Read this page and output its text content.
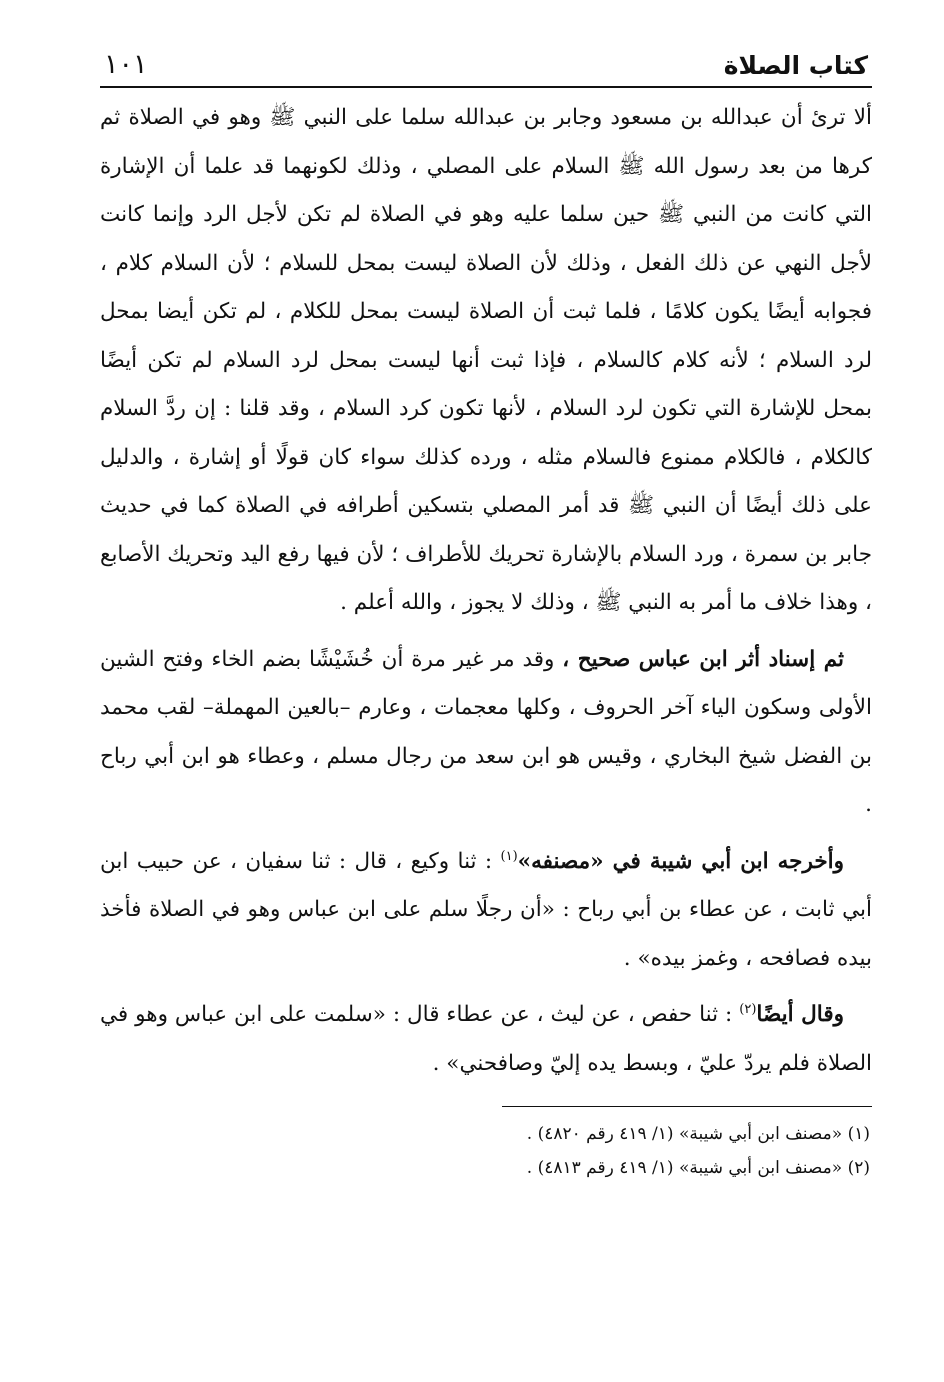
كتاب الصلاة
١٠١

ألا ترئ أن عبدالله بن مسعود وجابر بن عبدالله سلما على النبي ﷺ وهو في الصلاة ثم كرها من بعد رسول الله ﷺ السلام على المصلي ، وذلك لكونهما قد علما أن الإشارة التي كانت من النبي ﷺ حين سلما عليه وهو في الصلاة لم تكن لأجل الرد وإنما كانت لأجل النهي عن ذلك الفعل ، وذلك لأن الصلاة ليست بمحل للسلام ؛ لأن السلام كلام ، فجوابه أيضًا يكون كلامًا ، فلما ثبت أن الصلاة ليست بمحل للكلام ، لم تكن أيضا بمحل لرد السلام ؛ لأنه كلام كالسلام ، فإذا ثبت أنها ليست بمحل لرد السلام لم تكن أيضًا بمحل للإشارة التي تكون لرد السلام ، لأنها تكون كرد السلام ، وقد قلنا : إن ردَّ السلام كالكلام ، فالكلام ممنوع فالسلام مثله ، ورده كذلك سواء كان قولًا أو إشارة ، والدليل على ذلك أيضًا أن النبي ﷺ قد أمر المصلي بتسكين أطرافه في الصلاة كما في حديث جابر بن سمرة ، ورد السلام بالإشارة تحريك للأطراف ؛ لأن فيها رفع اليد وتحريك الأصابع ، وهذا خلاف ما أمر به النبي ﷺ ، وذلك لا يجوز ، والله أعلم .

ثم إسناد أثر ابن عباس صحيح ، وقد مر غير مرة أن خُشَيْشًا بضم الخاء وفتح الشين الأولى وسكون الياء آخر الحروف ، وكلها معجمات ، وعارم –بالعين المهملة– لقب محمد بن الفضل شيخ البخاري ، وقيس هو ابن سعد من رجال مسلم ، وعطاء هو ابن أبي رباح .

وأخرجه ابن أبي شيبة في «مصنفه»$^{(١)}$ : ثنا وكيع ، قال : ثنا سفيان ، عن حبيب ابن أبي ثابت ، عن عطاء بن أبي رباح : «أن رجلًا سلم على ابن عباس وهو في الصلاة فأخذ بيده فصافحه ، وغمز بيده» .

وقال أيضًا$^{(٢)}$ : ثنا حفص ، عن ليث ، عن عطاء قال : «سلمت على ابن عباس وهو في الصلاة فلم يردّ عليّ ، وبسط يده إليّ وصافحني» .

(١) «مصنف ابن أبي شيبة» (١/ ٤١٩ رقم ٤٨٢٠) .

(٢) «مصنف ابن أبي شيبة» (١/ ٤١٩ رقم ٤٨١٣) .
